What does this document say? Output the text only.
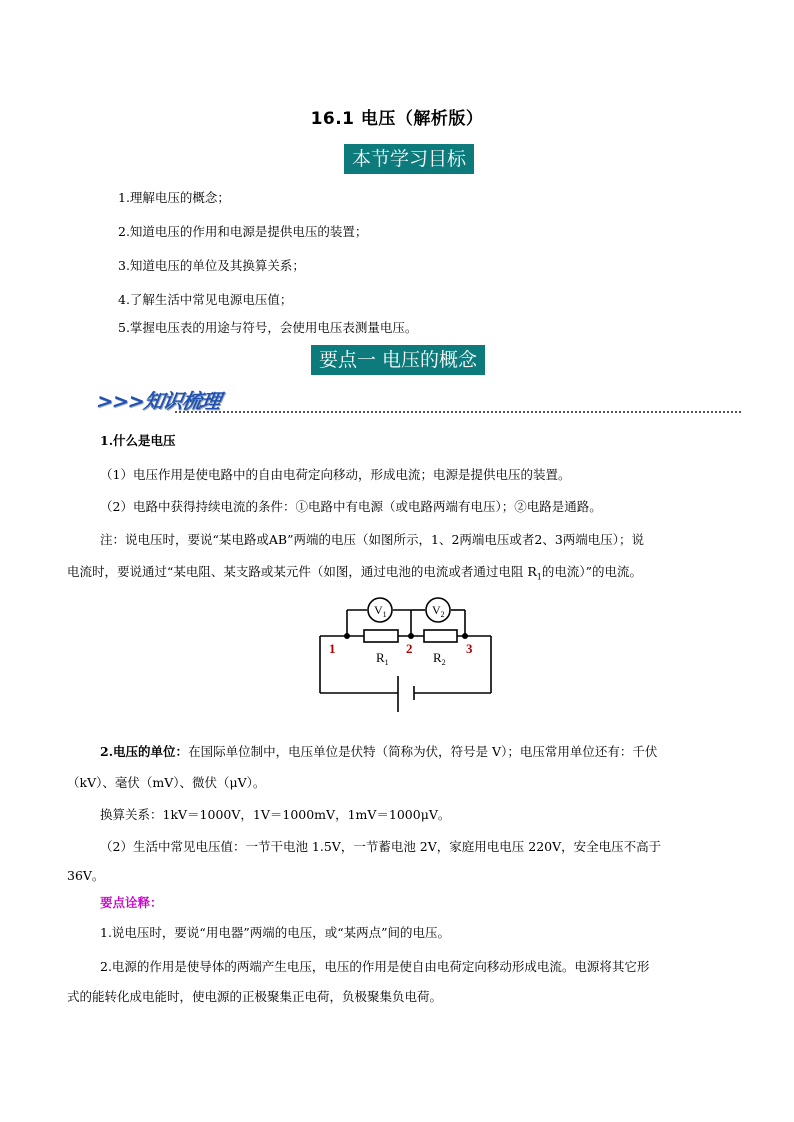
16.1 电压（解析版）
本节学习目标
1.理解电压的概念；
2.知道电压的作用和电源是提供电压的装置；
3.知道电压的单位及其换算关系；
4.了解生活中常见电源电压值；
5.掌握电压表的用途与符号，会使用电压表测量电压。
要点一 电压的概念
>>>知识梳理
1.什么是电压
（1）电压作用是使电路中的自由电荷定向移动，形成电流；电源是提供电压的装置。
（2）电路中获得持续电流的条件：①电路中有电源（或电路两端有电压）；②电路是通路。
注：说电压时，要说“某电路或AB”两端的电压（如图所示，1、2两端电压或者2、3两端电压）；说
电流时，要说通过“某电阻、某支路或某元件（如图，通过电池的电流或者通过电阻 $R_1$的电流）”的电流。
$V_1$	$V_2$
$R_1$	$R_2$
1	2	3
2.电压的单位：在国际单位制中，电压单位是伏特（简称为伏，符号是 V）；电压常用单位还有：千伏
（kV）、毫伏（mV）、微伏（μV）。
换算关系：1kV＝1000V，1V＝1000mV，1mV＝1000μV。
（2）生活中常见电压值：一节干电池 1.5V，一节蓄电池 2V，家庭用电电压 220V，安全电压不高于
36V。
要点诠释：
1.说电压时，要说“用电器”两端的电压，或“某两点”间的电压。
2.电源的作用是使导体的两端产生电压，电压的作用是使自由电荷定向移动形成电流。电源将其它形
式的能转化成电能时，使电源的正极聚集正电荷，负极聚集负电荷。
